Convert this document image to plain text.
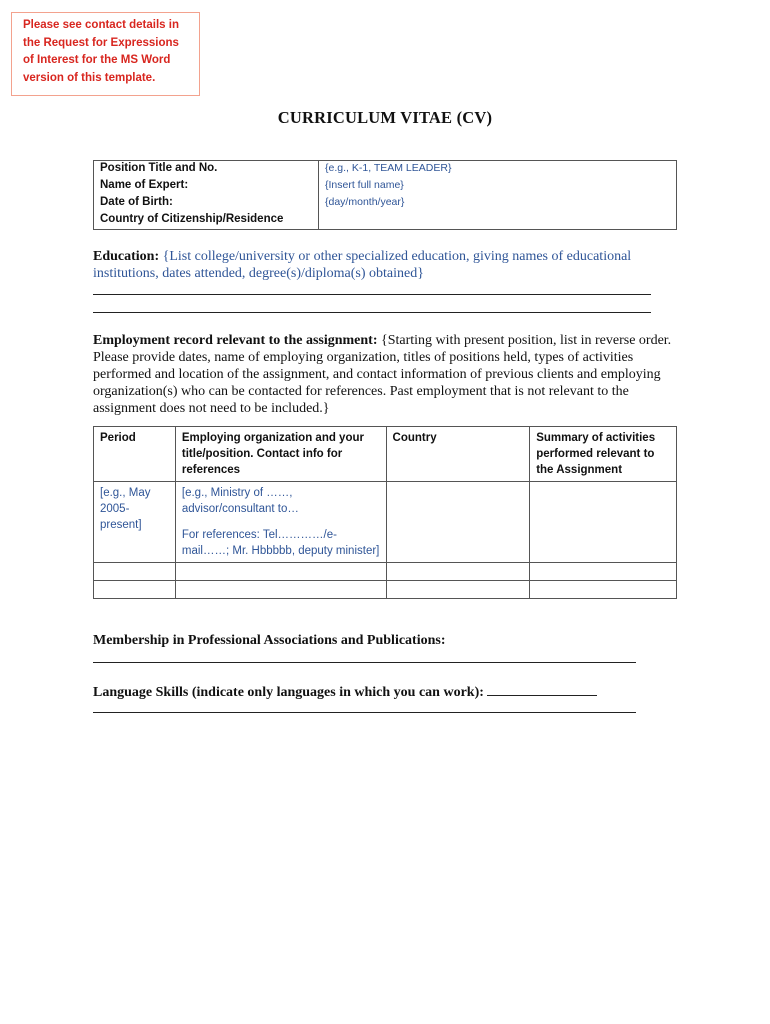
Please see contact details in
the Request for Expressions
of Interest for the MS Word
version of this template.
CURRICULUM VITAE (CV)
Position Title and No.	{e.g., K-1, TEAM LEADER}
Name of Expert:	{Insert full name}
Date of Birth:	{day/month/year}
Country of Citizenship/Residence	
Education: {List college/university or other specialized education, giving names of educational institutions, dates attended, degree(s)/diploma(s) obtained}
Employment record relevant to the assignment: {Starting with present position, list in reverse order. Please provide dates, name of employing organization, titles of positions held, types of activities performed and location of the assignment, and contact information of previous clients and employing organization(s) who can be contacted for references. Past employment that is not relevant to the assignment does not need to be included.}
Period	Employing organization and your title/position. Contact info for references	Country	Summary of activities performed relevant to the Assignment
[e.g., May 2005-present]	[e.g., Ministry of ……, advisor/consultant to…
For references: Tel…………/e-mail……; Mr. Hbbbbb, deputy minister]		

Membership in Professional Associations and Publications:
Language Skills (indicate only languages in which you can work):
